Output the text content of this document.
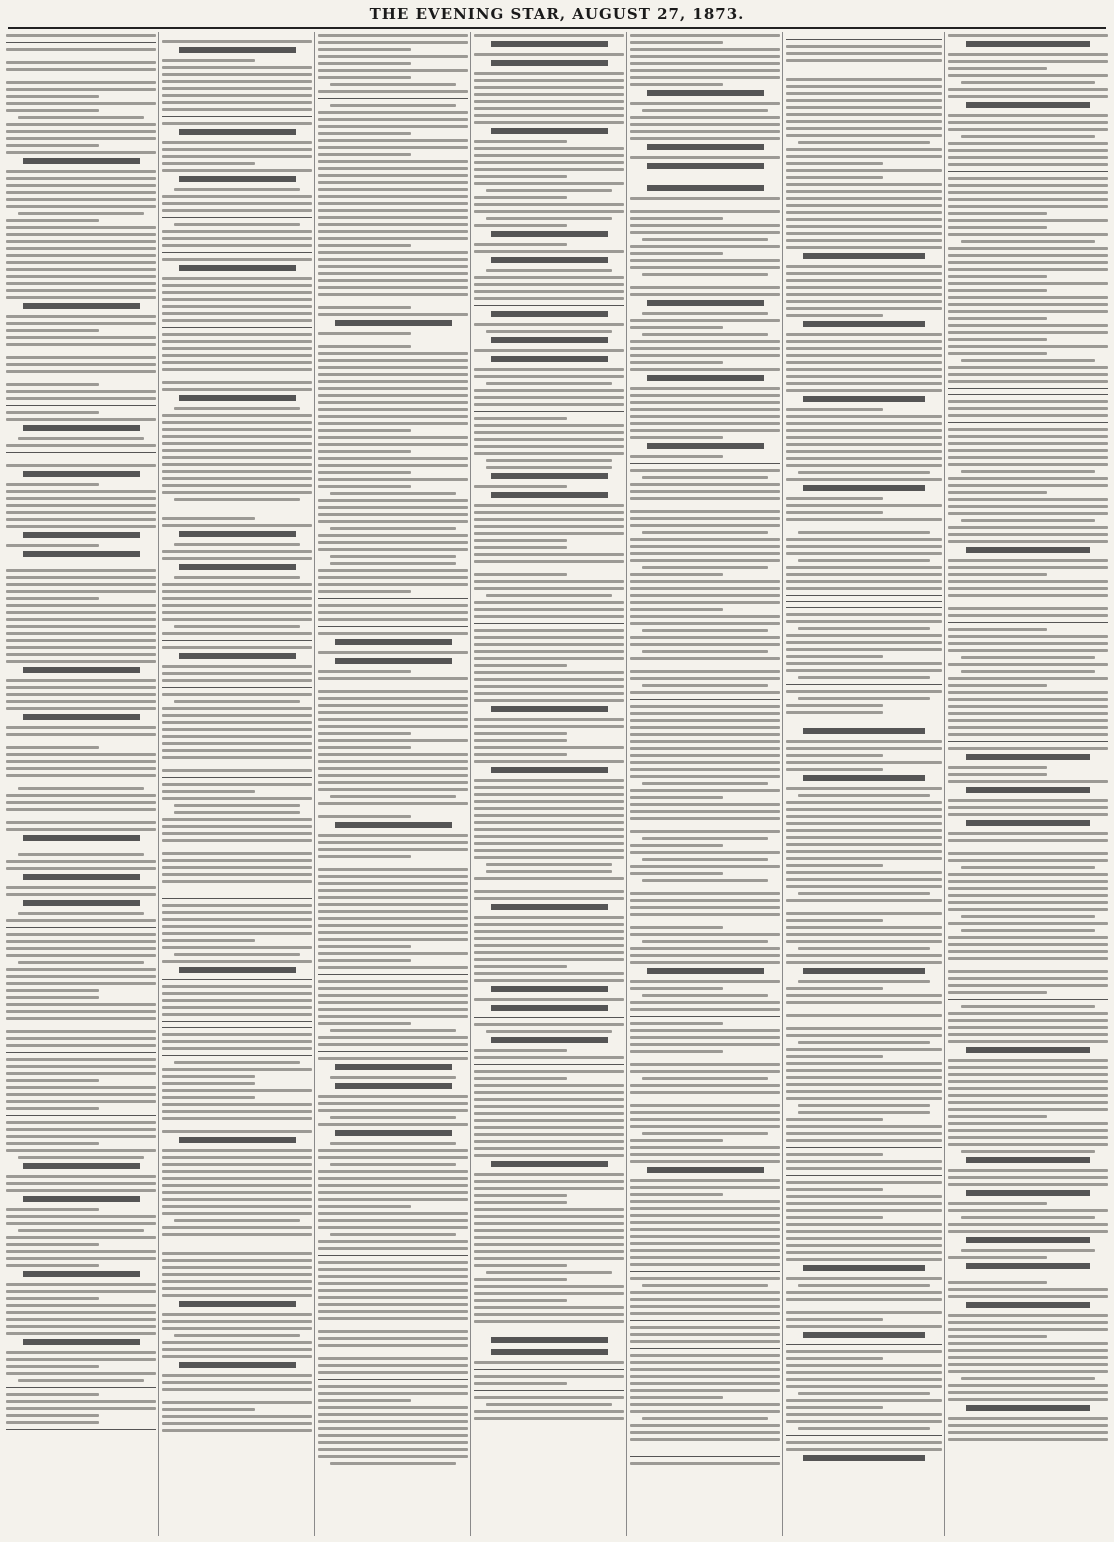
THE EVENING STAR, AUGUST 27, 1873.
